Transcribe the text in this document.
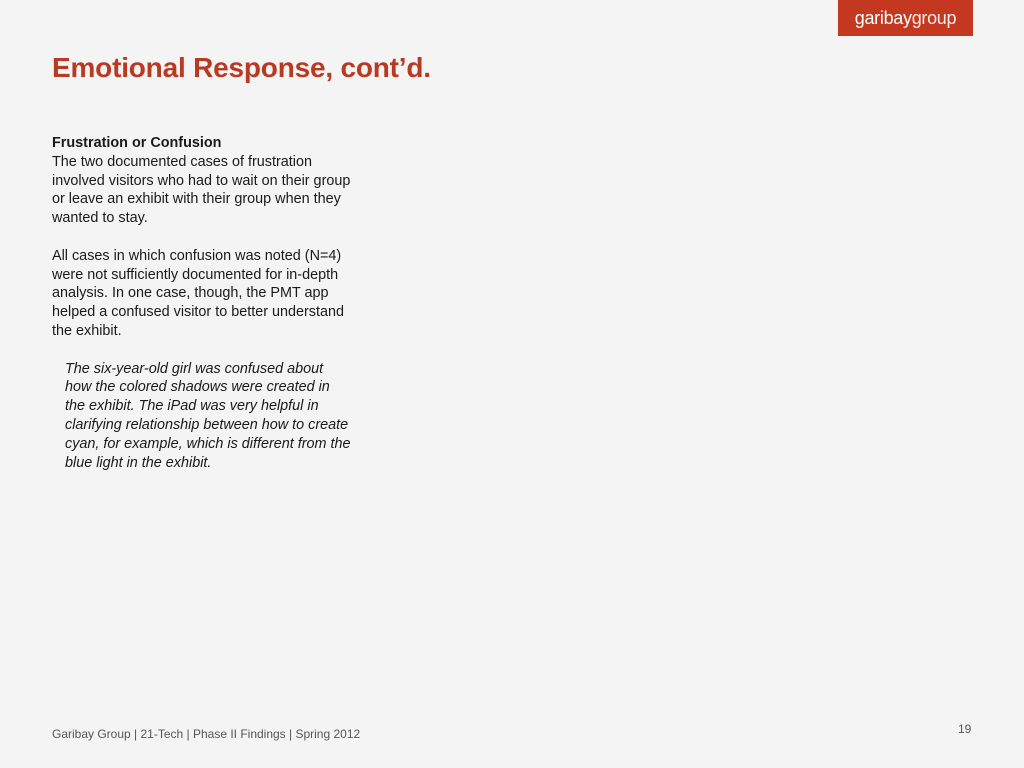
garibaygroup
Emotional Response, cont’d.

Frustration or Confusion

The two documented cases of frustration involved visitors who had to wait on their group or leave an exhibit with their group when they wanted to stay.

All cases in which confusion was noted (N=4) were not sufficiently documented for in-depth analysis. In one case, though, the PMT app helped a confused visitor to better understand the exhibit.

The six-year-old girl was confused about how the colored shadows were created in the exhibit. The iPad was very helpful in clarifying relationship between how to create cyan, for example, which is different from the blue light in the exhibit.

Garibay Group | 21-Tech | Phase II Findings | Spring 2012	19
